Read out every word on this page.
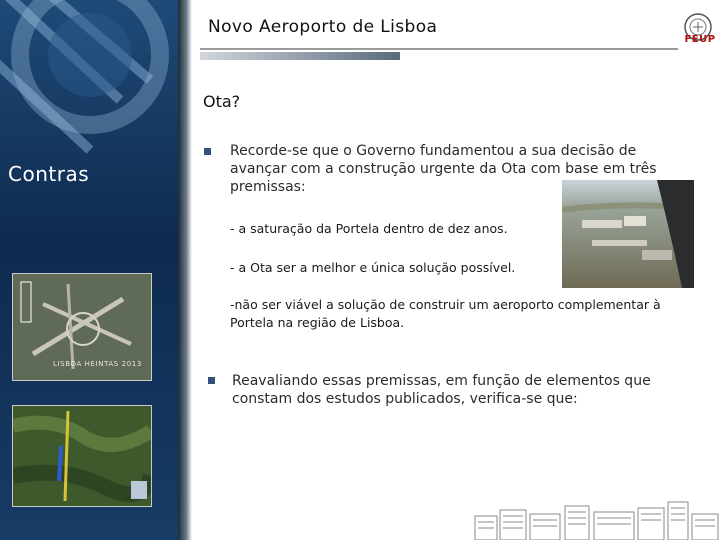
Contras
LISBOA HEINTAS 2013
Novo Aeroporto de Lisboa
FEUP
Ota?
Recorde-se que o Governo fundamentou a sua decisão de avançar com a construção urgente da Ota com base em três premissas:
- a saturação da Portela dentro de dez anos.
- a Ota ser a melhor e única solução possível.
-não ser viável a solução de construir um aeroporto complementar à Portela na região de Lisboa.
Reavaliando essas premissas, em função de elementos que constam dos estudos publicados, verifica-se que:
